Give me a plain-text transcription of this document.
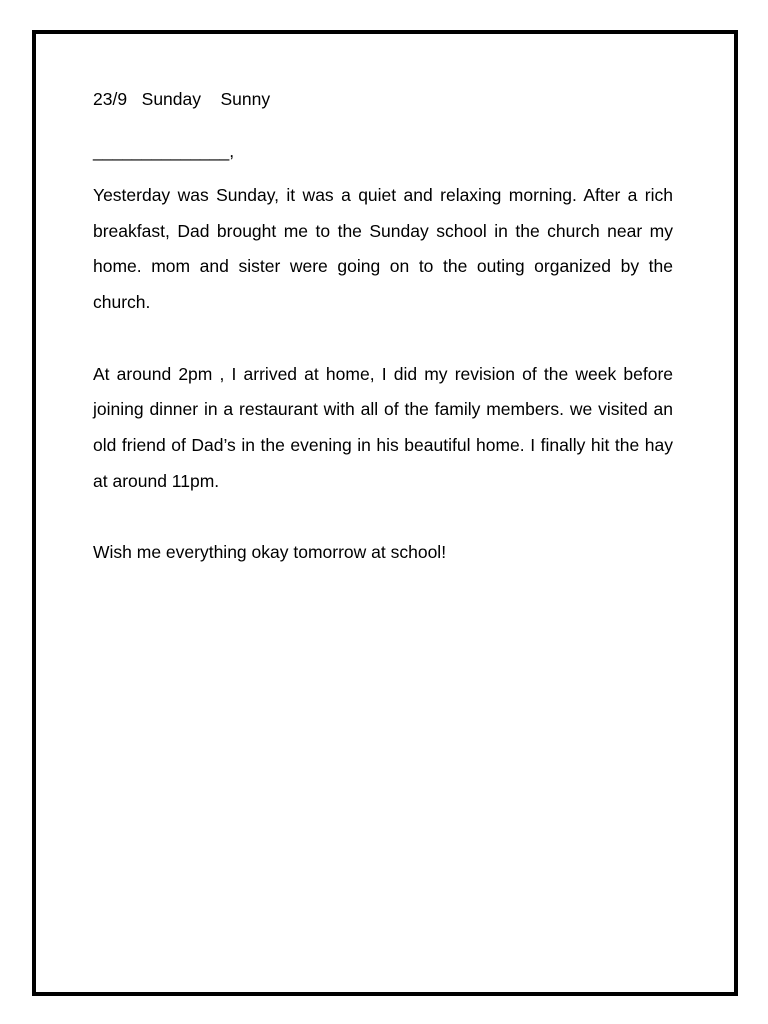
23/9 Sunday Sunny
______________,

Yesterday was Sunday, it was a quiet and relaxing morning. After a rich breakfast, Dad brought me to the Sunday school in the church near my home. mom and sister were going on to the outing organized by the church.

At around 2pm , I arrived at home, I did my revision of the week before joining dinner in a restaurant with all of the family members. we visited an old friend of Dad’s in the evening in his beautiful home. I finally hit the hay at around 11pm.

Wish me everything okay tomorrow at school!
